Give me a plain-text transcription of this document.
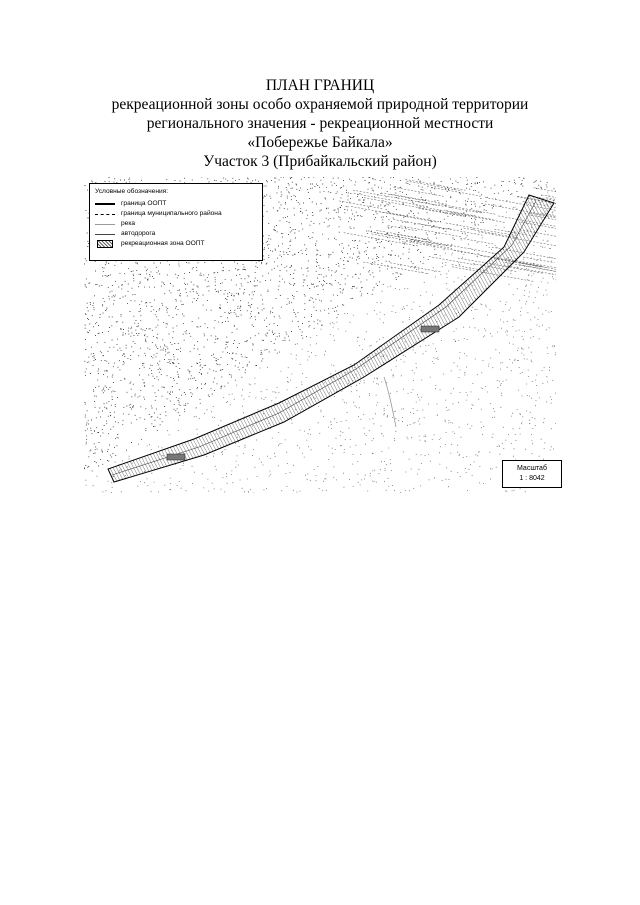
ПЛАН ГРАНИЦ
рекреационной зоны особо охраняемой природной территории
регионального значения - рекреационной местности
«Побережье Байкала»
Участок 3 (Прибайкальский район)
Условные обозначения:
граница ООПТ
граница муниципального района
река
автодорога
рекреационная зона ООПТ
Масштаб
1 : 8042
